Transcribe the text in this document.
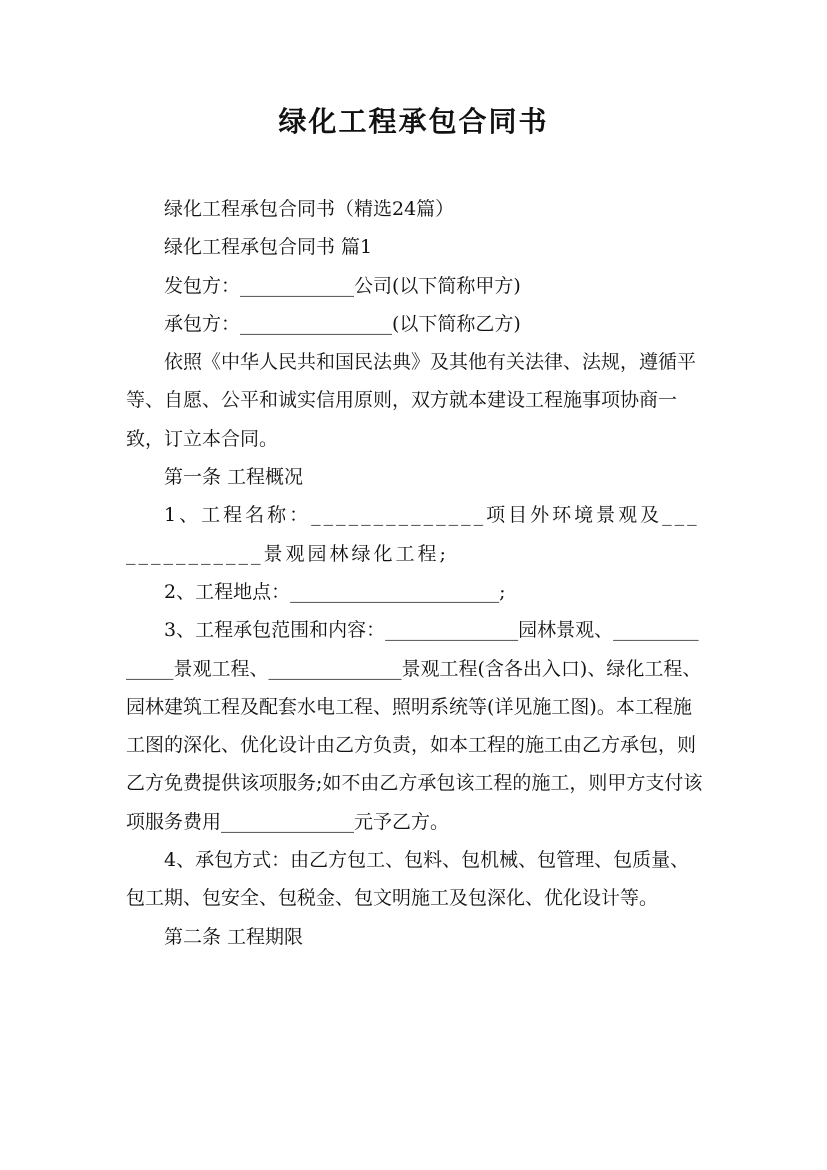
绿化工程承包合同书

绿化工程承包合同书（精选24篇）

绿化工程承包合同书 篇1

发包方：____________公司(以下简称甲方)

承包方：________________(以下简称乙方)

依照《中华人民共和国民法典》及其他有关法律、法规，遵循平等、自愿、公平和诚实信用原则，双方就本建设工程施事项协商一致，订立本合同。

第一条 工程概况

1、工程名称：______________项目外环境景观及______________景观园林绿化工程;

2、工程地点：______________________;

3、工程承包范围和内容：______________园林景观、______________景观工程、______________景观工程(含各出入口)、绿化工程、园林建筑工程及配套水电工程、照明系统等(详见施工图)。本工程施工图的深化、优化设计由乙方负责，如本工程的施工由乙方承包，则乙方免费提供该项服务;如不由乙方承包该工程的施工，则甲方支付该项服务费用______________元予乙方。

4、承包方式：由乙方包工、包料、包机械、包管理、包质量、包工期、包安全、包税金、包文明施工及包深化、优化设计等。

第二条 工程期限
